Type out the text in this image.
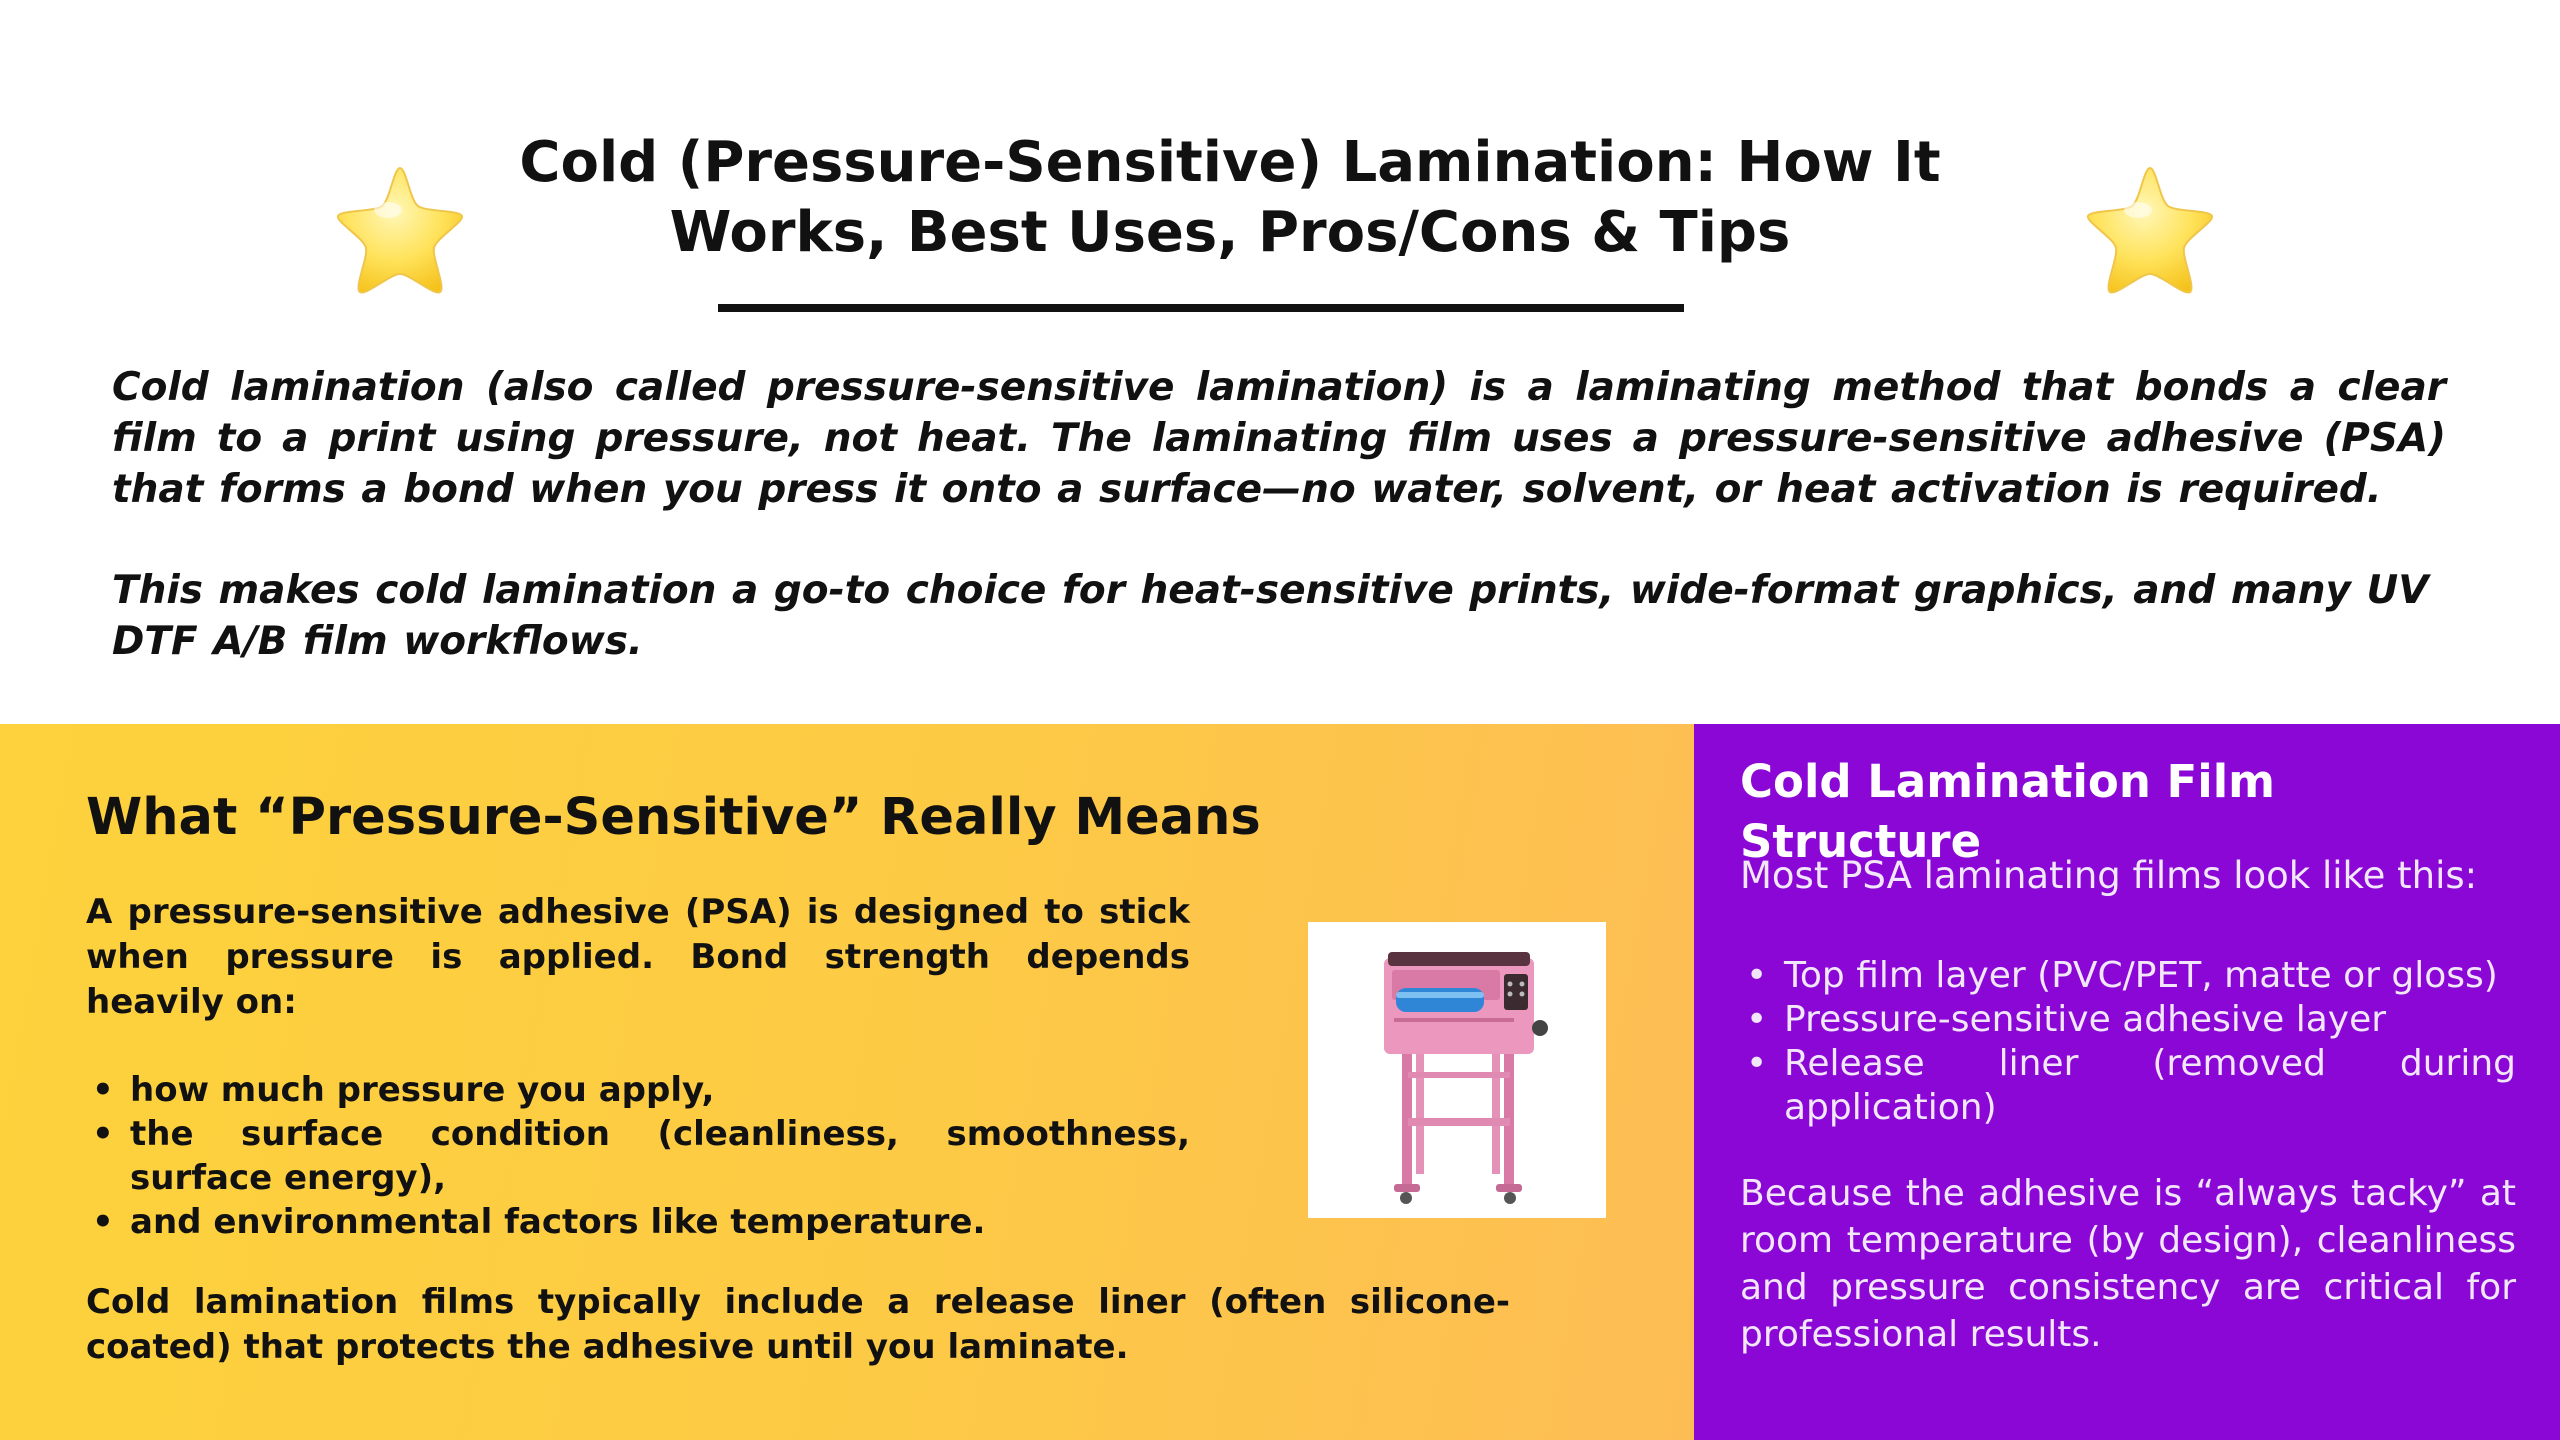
Cold (Pressure-Sensitive) Lamination: How It Works, Best Uses, Pros/Cons & Tips

Cold lamination (also called pressure-sensitive lamination) is a laminating method that bonds a clear film to a print using pressure, not heat. The laminating film uses a pressure-sensitive adhesive (PSA) that forms a bond when you press it onto a surface—no water, solvent, or heat activation is required.

This makes cold lamination a go-to choice for heat-sensitive prints, wide-format graphics, and many UV DTF A/B film workflows.

What “Pressure-Sensitive” Really Means

A pressure-sensitive adhesive (PSA) is designed to stick when pressure is applied. Bond strength depends heavily on:

• how much pressure you apply,
• the surface condition (cleanliness, smoothness, surface energy),
• and environmental factors like temperature.

Cold lamination films typically include a release liner (often silicone-coated) that protects the adhesive until you laminate.

Cold Lamination Film Structure

Most PSA laminating films look like this:

• Top film layer (PVC/PET, matte or gloss)
• Pressure-sensitive adhesive layer
• Release liner (removed during application)

Because the adhesive is “always tacky” at room temperature (by design), cleanliness and pressure consistency are critical for professional results.
